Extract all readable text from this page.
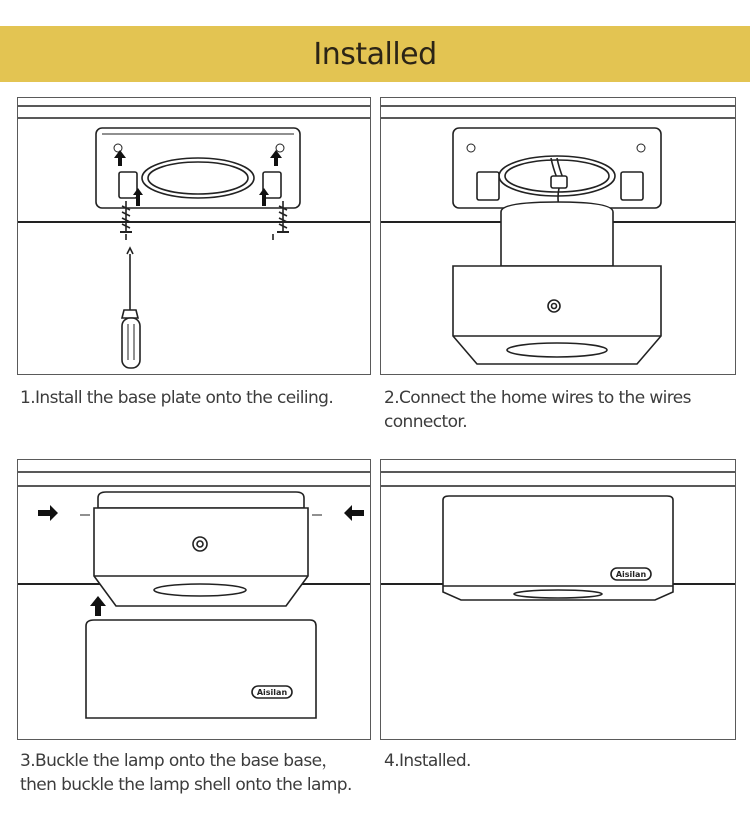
Installed
1.Install the base plate onto the ceiling.	2.Connect the home wires to the wires
connector.
Aisilan
3.Buckle the lamp onto the base base，
then buckle the lamp shell onto the lamp.
Aisilan
4.Installed.
